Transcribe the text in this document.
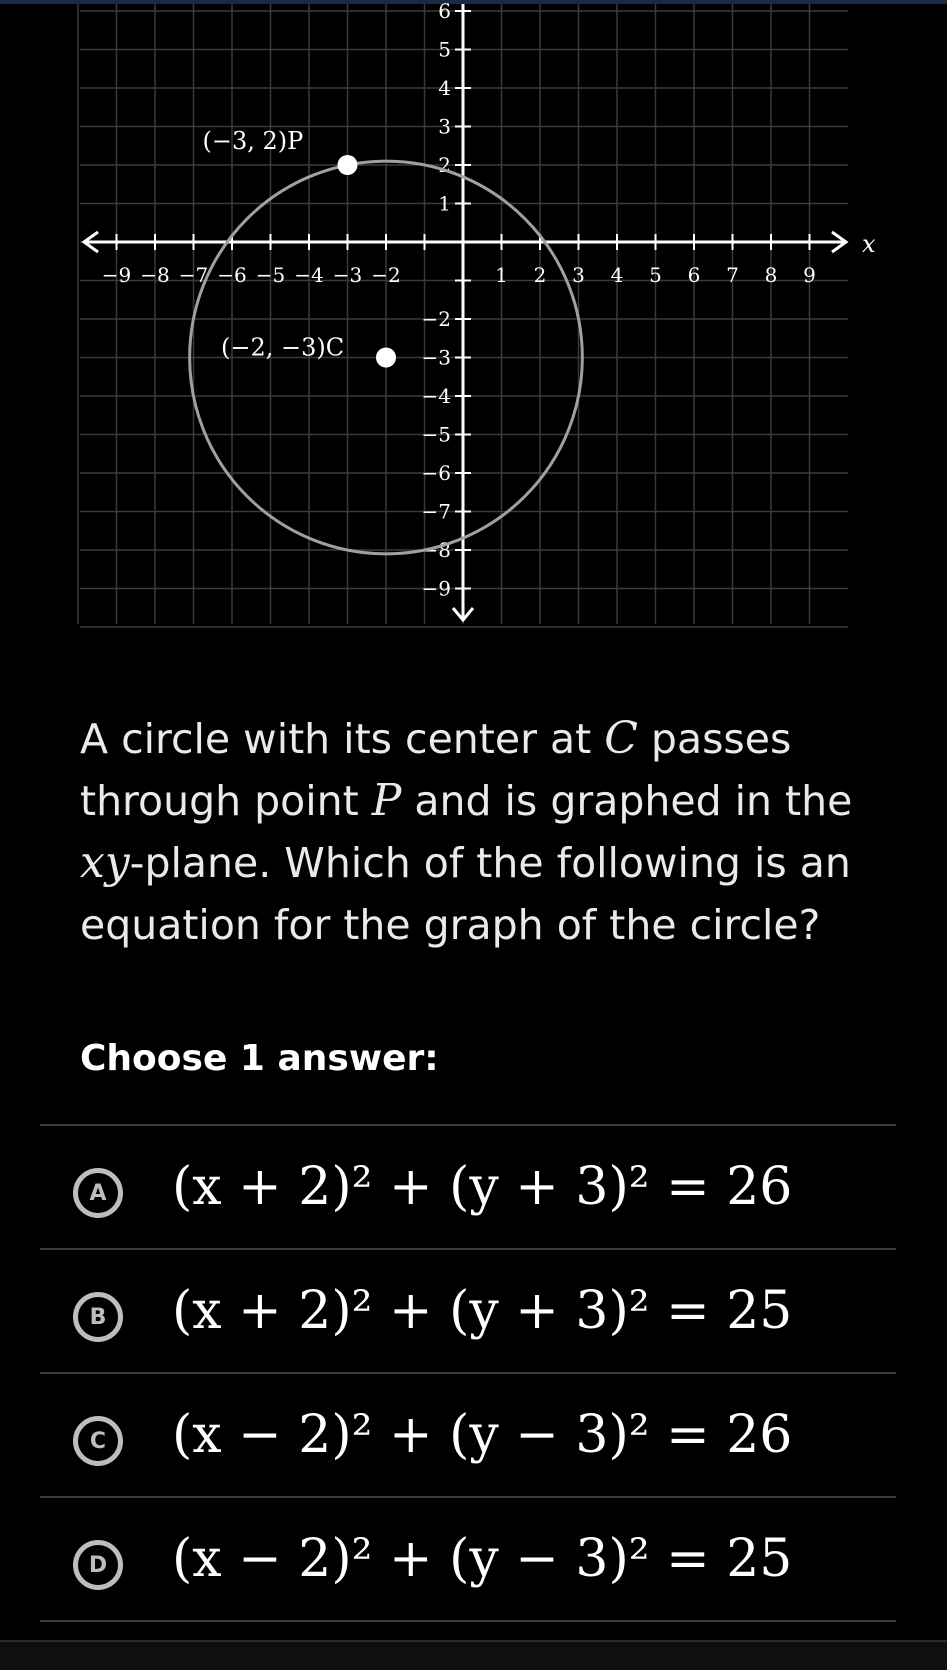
−9 −8 −7 −6 −5 −4 −3 −2	1 2 3 4 5 6 7 8 9
6
5
4
3
2
1
−2
−3
−4
−5
−6
−7
−8
−9
(−3, 2)P
(−2, −3)C
x
A circle with its center at C passes through point P and is graphed in the xy-plane. Which of the following is an equation for the graph of the circle?
Choose 1 answer:
A	(x + 2)² + (y + 3)² = 26
B	(x + 2)² + (y + 3)² = 25
C	(x − 2)² + (y − 3)² = 26
D	(x − 2)² + (y − 3)² = 25
